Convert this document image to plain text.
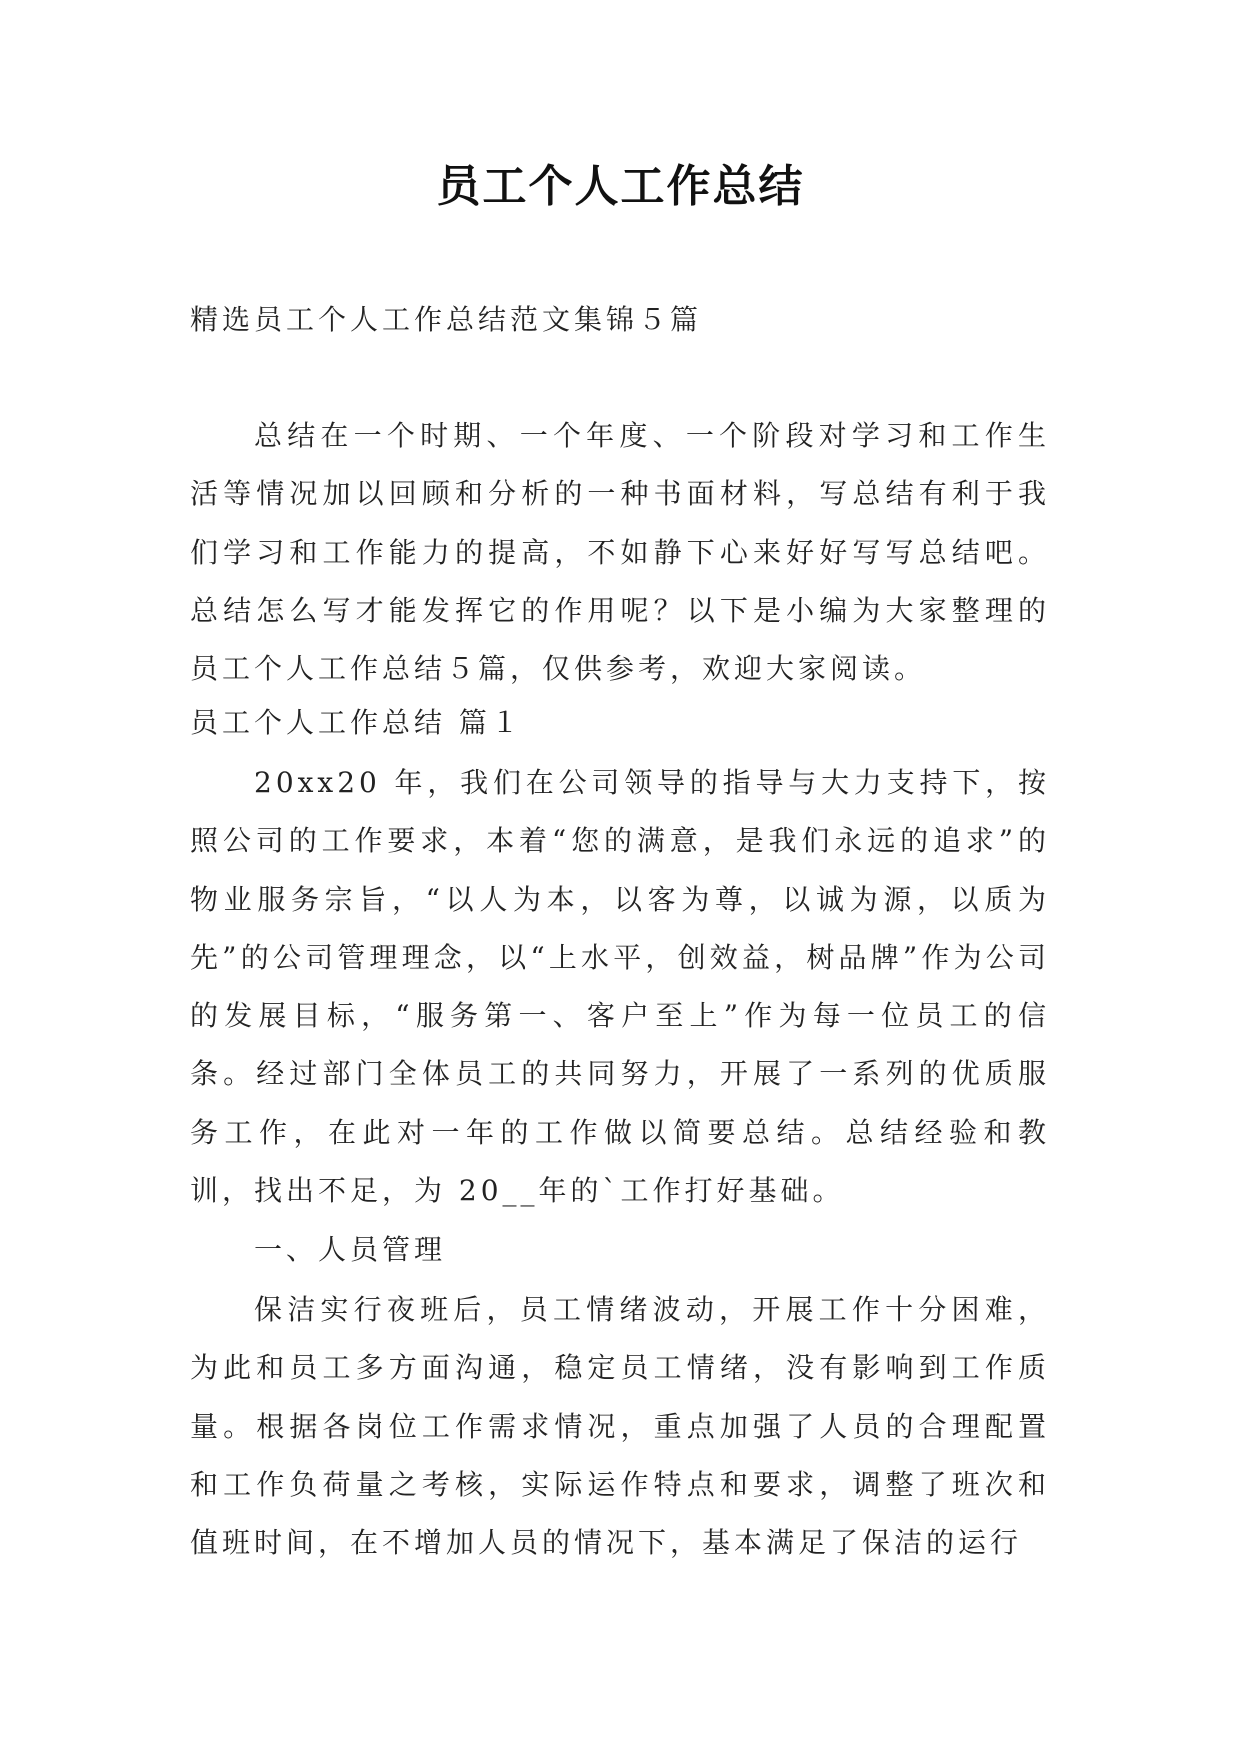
员工个人工作总结

精选员工个人工作总结范文集锦５篇

总结在一个时期、一个年度、一个阶段对学习和工作生活等情况加以回顾和分析的一种书面材料，写总结有利于我们学习和工作能力的提高，不如静下心来好好写写总结吧。总结怎么写才能发挥它的作用呢？以下是小编为大家整理的员工个人工作总结５篇，仅供参考，欢迎大家阅读。

员工个人工作总结 篇１

20xx20 年，我们在公司领导的指导与大力支持下，按照公司的工作要求，本着“您的满意，是我们永远的追求”的物业服务宗旨，“以人为本，以客为尊，以诚为源，以质为先”的公司管理理念，以“上水平，创效益，树品牌”作为公司的发展目标，“服务第一、客户至上”作为每一位员工的信条。经过部门全体员工的共同努力，开展了一系列的优质服务工作，在此对一年的工作做以简要总结。总结经验和教训，找出不足，为 20__年的`工作打好基础。

一、人员管理

保洁实行夜班后，员工情绪波动，开展工作十分困难，为此和员工多方面沟通，稳定员工情绪，没有影响到工作质量。根据各岗位工作需求情况，重点加强了人员的合理配置和工作负荷量之考核，实际运作特点和要求，调整了班次和值班时间，在不增加人员的情况下，基本满足了保洁的运行
